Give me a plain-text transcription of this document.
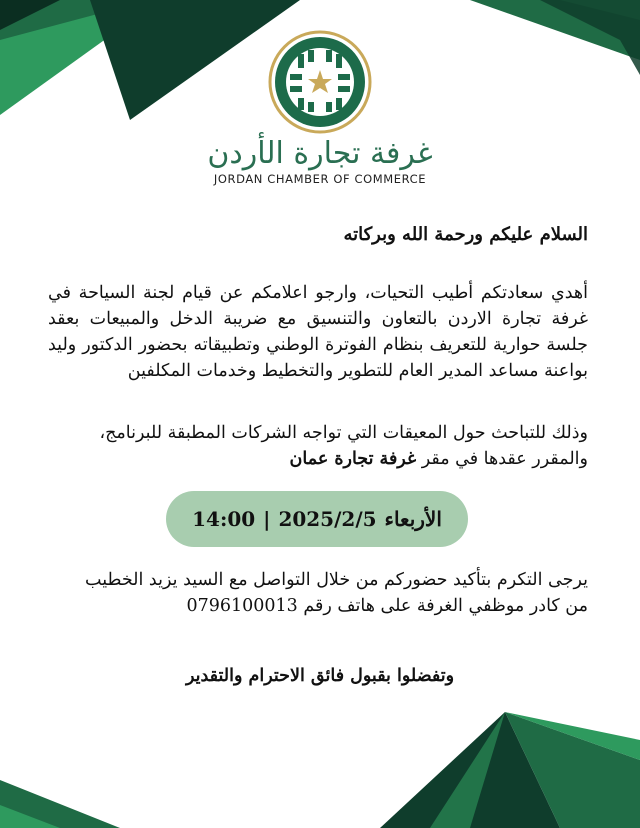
غرفة تجارة الأردن
JORDAN CHAMBER OF COMMERCE
السلام عليكم ورحمة الله وبركاته
أهدي سعادتكم أطيب التحيات، وارجو اعلامكم عن قيام لجنة السياحة في غرفة تجارة الاردن بالتعاون والتنسيق مع ضريبة الدخل والمبيعات بعقد جلسة حوارية للتعريف بنظام الفوترة الوطني وتطبيقاته بحضور الدكتور وليد بواعنة مساعد المدير العام للتطوير والتخطيط وخدمات المكلفين
وذلك للتباحث حول المعيقات التي تواجه الشركات المطبقة للبرنامج،
والمقرر عقدها في مقر غرفة تجارة عمان
الأربعاء
2025/2/5
|
14:00
يرجى التكرم بتأكيد حضوركم من خلال التواصل مع السيد يزيد الخطيب
من كادر موظفي الغرفة على هاتف رقم 0796100013
وتفضلوا بقبول فائق الاحترام والتقدير
